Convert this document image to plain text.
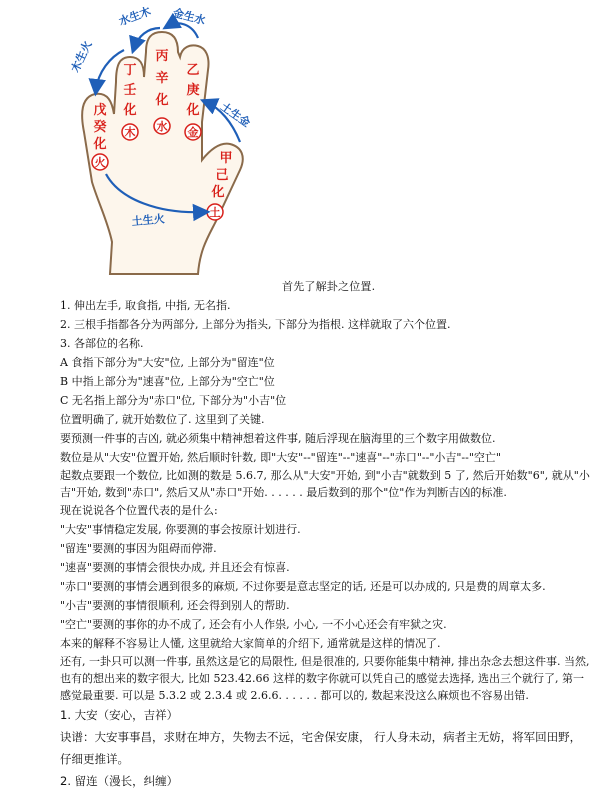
戊
癸
化
丁
壬
化
丙
辛
化
乙
庚
化
甲
己
化
火
木 水 金
土
木生火
水生木 金生水
土生金
土生火
首先了解卦之位置.

1. 伸出左手, 取食指, 中指, 无名指.

2. 三根手指都各分为两部分, 上部分为指头, 下部分为指根. 这样就取了六个位置.

3. 各部位的名称.

A 食指下部分为"大安"位, 上部分为"留连"位

B 中指上部分为"速喜"位, 上部分为"空亡"位

C 无名指上部分为"赤口"位, 下部分为"小吉"位

位置明确了, 就开始数位了. 这里到了关键.

要预测一件事的吉凶, 就必须集中精神想着这件事, 随后浮现在脑海里的三个数字用做数位.

数位是从"大安"位置开始, 然后顺时针数, 即"大安"--"留连"--"速喜"--"赤口"--"小吉"--"空亡"

起数点要跟一个数位, 比如测的数是 5.6.7, 那么从"大安"开始, 到"小吉"就数到 5 了, 然后开始数"6", 就从"小吉"开始, 数到"赤口", 然后又从"赤口"开始. . . . . . 最后数到的那个"位"作为判断吉凶的标准.

现在说说各个位置代表的是什么:

"大安"事情稳定发展, 你要测的事会按原计划进行.

"留连"要测的事因为阻碍而停滞.

"速喜"要测的事情会很快办成, 并且还会有惊喜.

"赤口"要测的事情会遇到很多的麻烦, 不过你要是意志坚定的话, 还是可以办成的, 只是费的周章太多.

"小吉"要测的事情很顺利, 还会得到别人的帮助.

"空亡"要测的事你的办不成了, 还会有小人作祟, 小心, 一不小心还会有牢狱之灾.

本来的解释不容易让人懂, 这里就给大家简单的介绍下, 通常就是这样的情况了.

还有, 一卦只可以测一件事, 虽然这是它的局限性, 但是很准的, 只要你能集中精神, 排出杂念去想这件事. 当然, 也有的想出来的数字很大, 比如 523.42.66 这样的数字你就可以凭自己的感觉去选择, 选出三个就行了, 第一感觉最重要. 可以是 5.3.2 或 2.3.4 或 2.6.6. . . . . . 都可以的, 数起来没这么麻烦也不容易出错.

1. 大安（安心，吉祥）

诀谱：大安事事昌，求财在坤方，失物去不远，宅舍保安康， 行人身未动，病者主无妨，将军回田野，仔细更推详。

2. 留连（漫长，纠缠）
